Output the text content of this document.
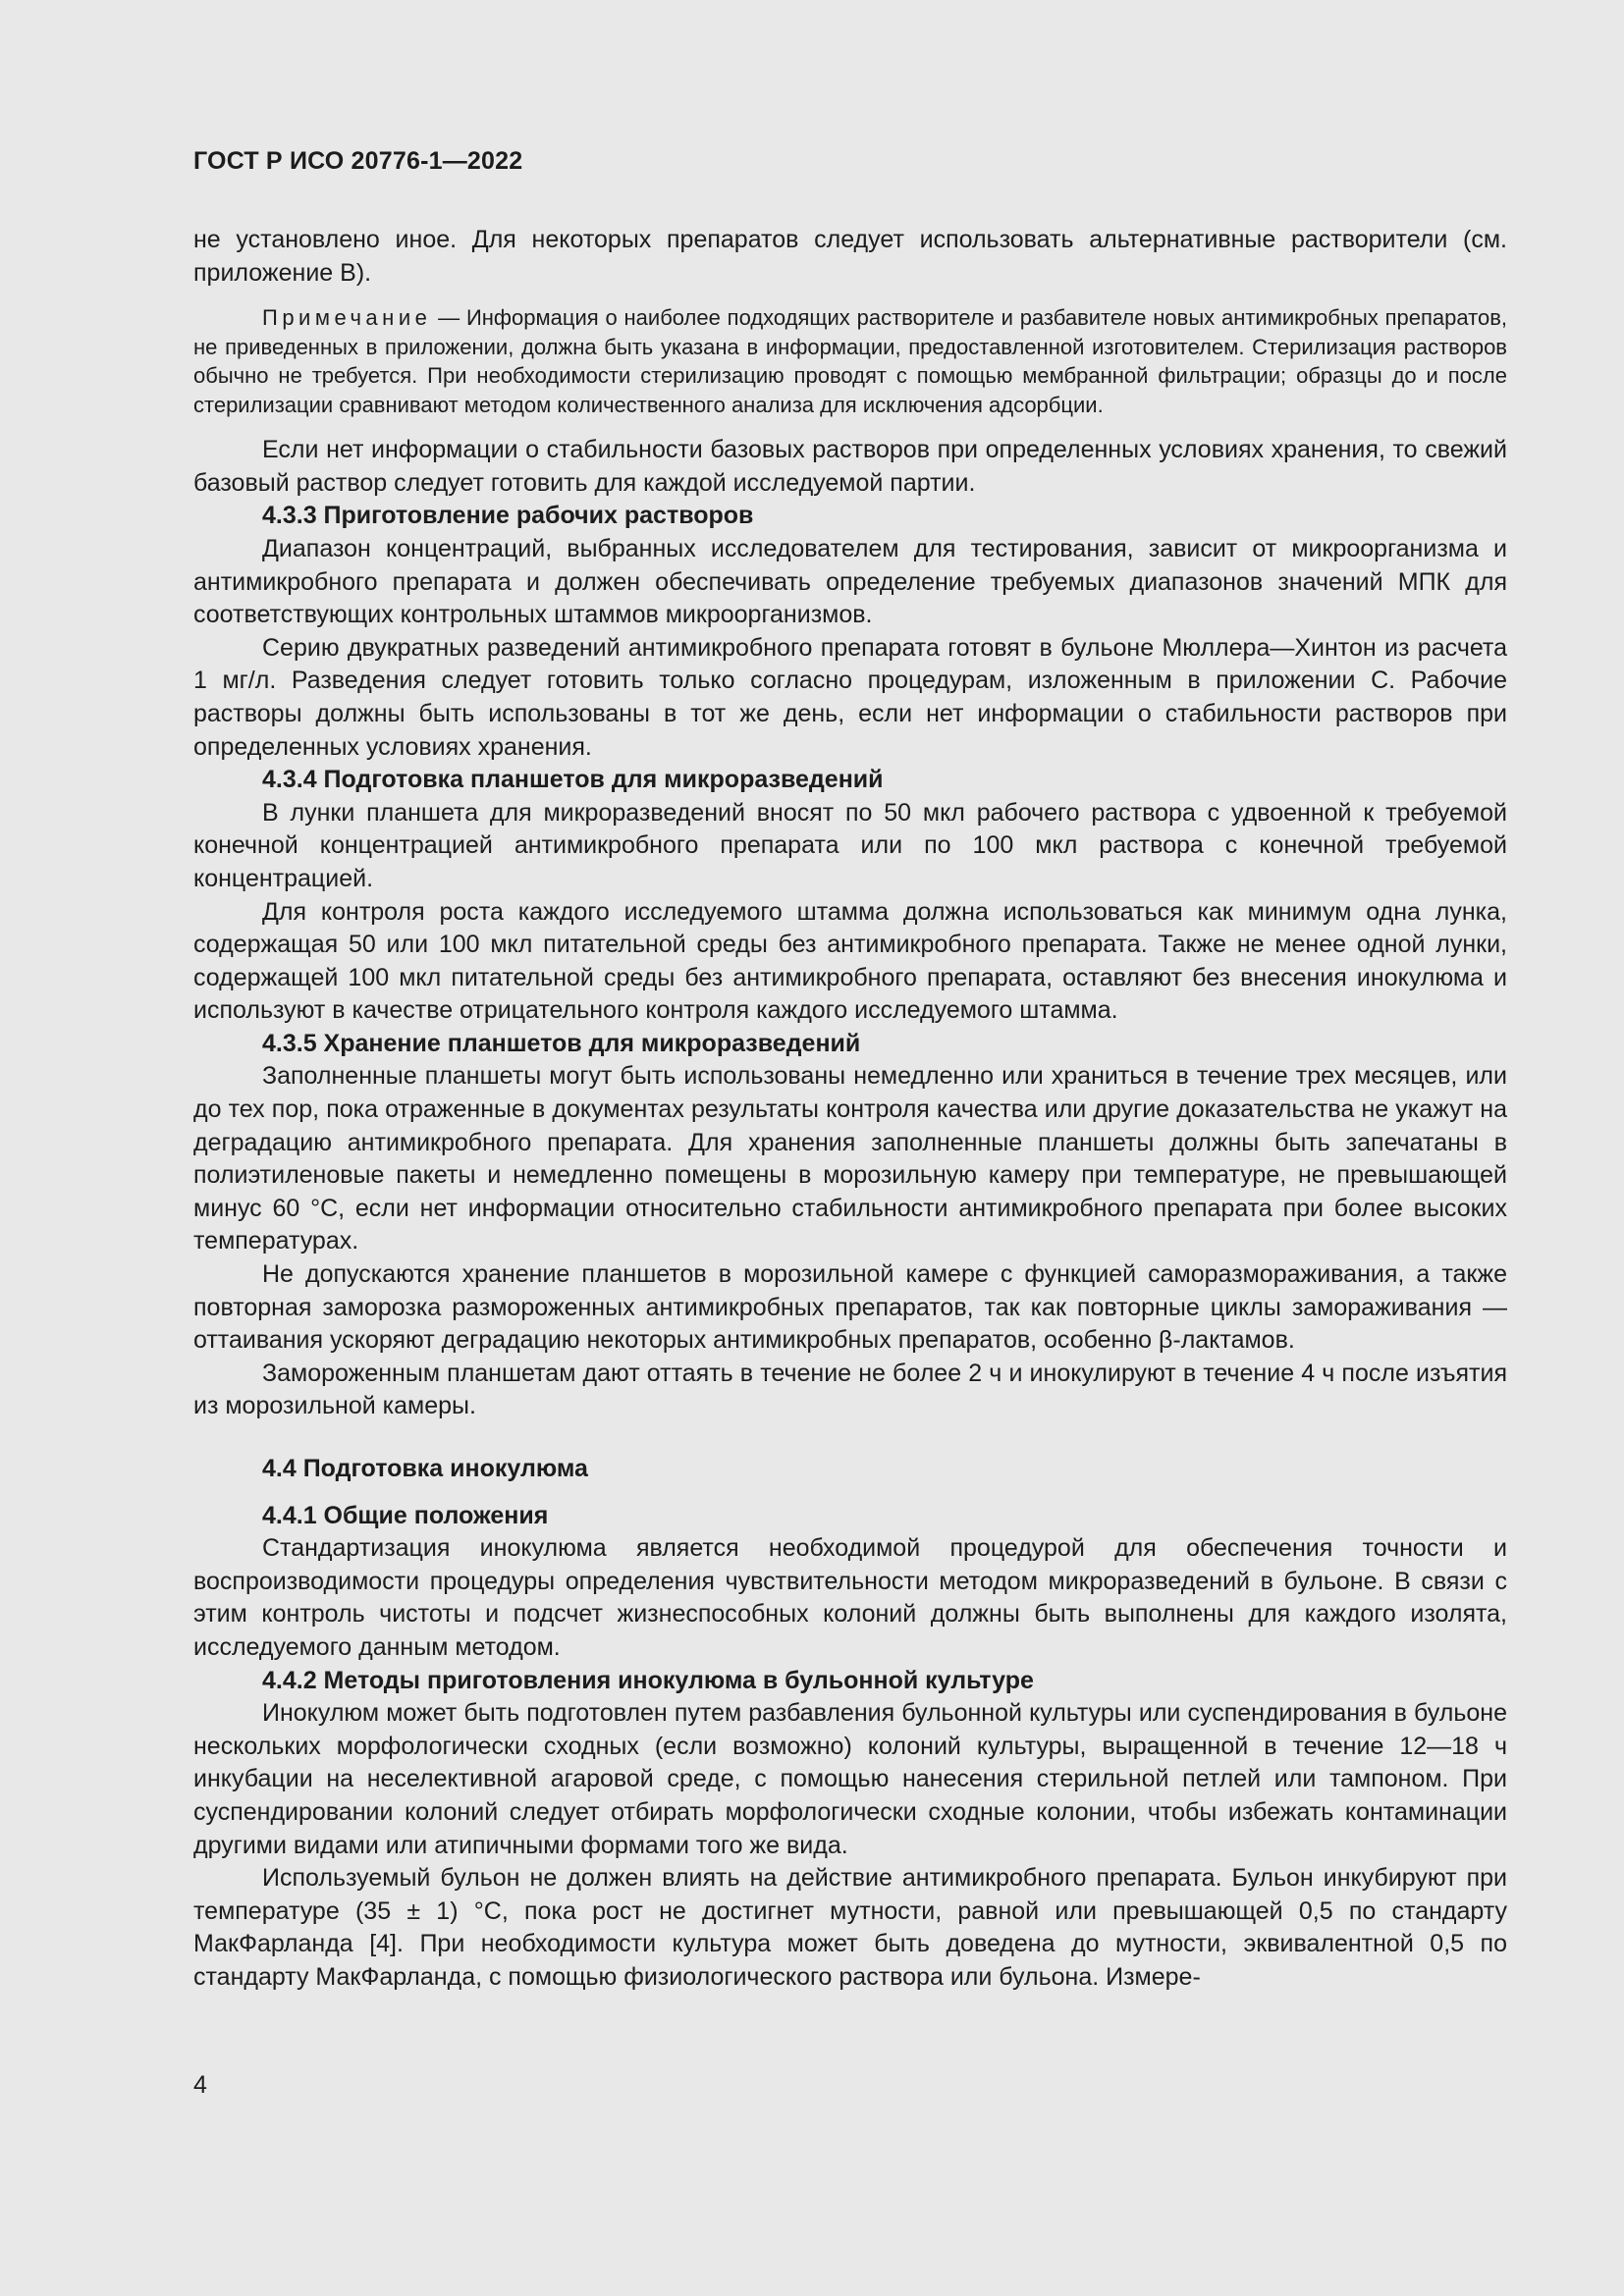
ГОСТ Р ИСО 20776-1—2022

не установлено иное. Для некоторых препаратов следует использовать альтернативные растворители (см. приложение B).

Примечание — Информация о наиболее подходящих растворителе и разбавителе новых антимикробных препаратов, не приведенных в приложении, должна быть указана в информации, предоставленной изготовителем. Стерилизация растворов обычно не требуется. При необходимости стерилизацию проводят с помощью мембранной фильтрации; образцы до и после стерилизации сравнивают методом количественного анализа для исключения адсорбции.

Если нет информации о стабильности базовых растворов при определенных условиях хранения, то свежий базовый раствор следует готовить для каждой исследуемой партии.

4.3.3 Приготовление рабочих растворов

Диапазон концентраций, выбранных исследователем для тестирования, зависит от микроорганизма и антимикробного препарата и должен обеспечивать определение требуемых диапазонов значений МПК для соответствующих контрольных штаммов микроорганизмов.

Серию двукратных разведений антимикробного препарата готовят в бульоне Мюллера—Хинтон из расчета 1 мг/л. Разведения следует готовить только согласно процедурам, изложенным в приложении C. Рабочие растворы должны быть использованы в тот же день, если нет информации о стабильности растворов при определенных условиях хранения.

4.3.4 Подготовка планшетов для микроразведений

В лунки планшета для микроразведений вносят по 50 мкл рабочего раствора с удвоенной к требуемой конечной концентрацией антимикробного препарата или по 100 мкл раствора с конечной требуемой концентрацией.

Для контроля роста каждого исследуемого штамма должна использоваться как минимум одна лунка, содержащая 50 или 100 мкл питательной среды без антимикробного препарата. Также не менее одной лунки, содержащей 100 мкл питательной среды без антимикробного препарата, оставляют без внесения инокулюма и используют в качестве отрицательного контроля каждого исследуемого штамма.

4.3.5 Хранение планшетов для микроразведений

Заполненные планшеты могут быть использованы немедленно или храниться в течение трех месяцев, или до тех пор, пока отраженные в документах результаты контроля качества или другие доказательства не укажут на деградацию антимикробного препарата. Для хранения заполненные планшеты должны быть запечатаны в полиэтиленовые пакеты и немедленно помещены в морозильную камеру при температуре, не превышающей минус 60 °С, если нет информации относительно стабильности антимикробного препарата при более высоких температурах.

Не допускаются хранение планшетов в морозильной камере с функцией саморазмораживания, а также повторная заморозка размороженных антимикробных препаратов, так как повторные циклы замораживания — оттаивания ускоряют деградацию некоторых антимикробных препаратов, особенно β-лактамов.

Замороженным планшетам дают оттаять в течение не более 2 ч и инокулируют в течение 4 ч после изъятия из морозильной камеры.

4.4 Подготовка инокулюма

4.4.1 Общие положения

Стандартизация инокулюма является необходимой процедурой для обеспечения точности и воспроизводимости процедуры определения чувствительности методом микроразведений в бульоне. В связи с этим контроль чистоты и подсчет жизнеспособных колоний должны быть выполнены для каждого изолята, исследуемого данным методом.

4.4.2 Методы приготовления инокулюма в бульонной культуре

Инокулюм может быть подготовлен путем разбавления бульонной культуры или суспендирования в бульоне нескольких морфологически сходных (если возможно) колоний культуры, выращенной в течение 12—18 ч инкубации на неселективной агаровой среде, с помощью нанесения стерильной петлей или тампоном. При суспендировании колоний следует отбирать морфологически сходные колонии, чтобы избежать контаминации другими видами или атипичными формами того же вида.

Используемый бульон не должен влиять на действие антимикробного препарата. Бульон инкубируют при температуре (35 ± 1) °С, пока рост не достигнет мутности, равной или превышающей 0,5 по стандарту МакФарланда [4]. При необходимости культура может быть доведена до мутности, эквивалентной 0,5 по стандарту МакФарланда, с помощью физиологического раствора или бульона. Измере-

4
